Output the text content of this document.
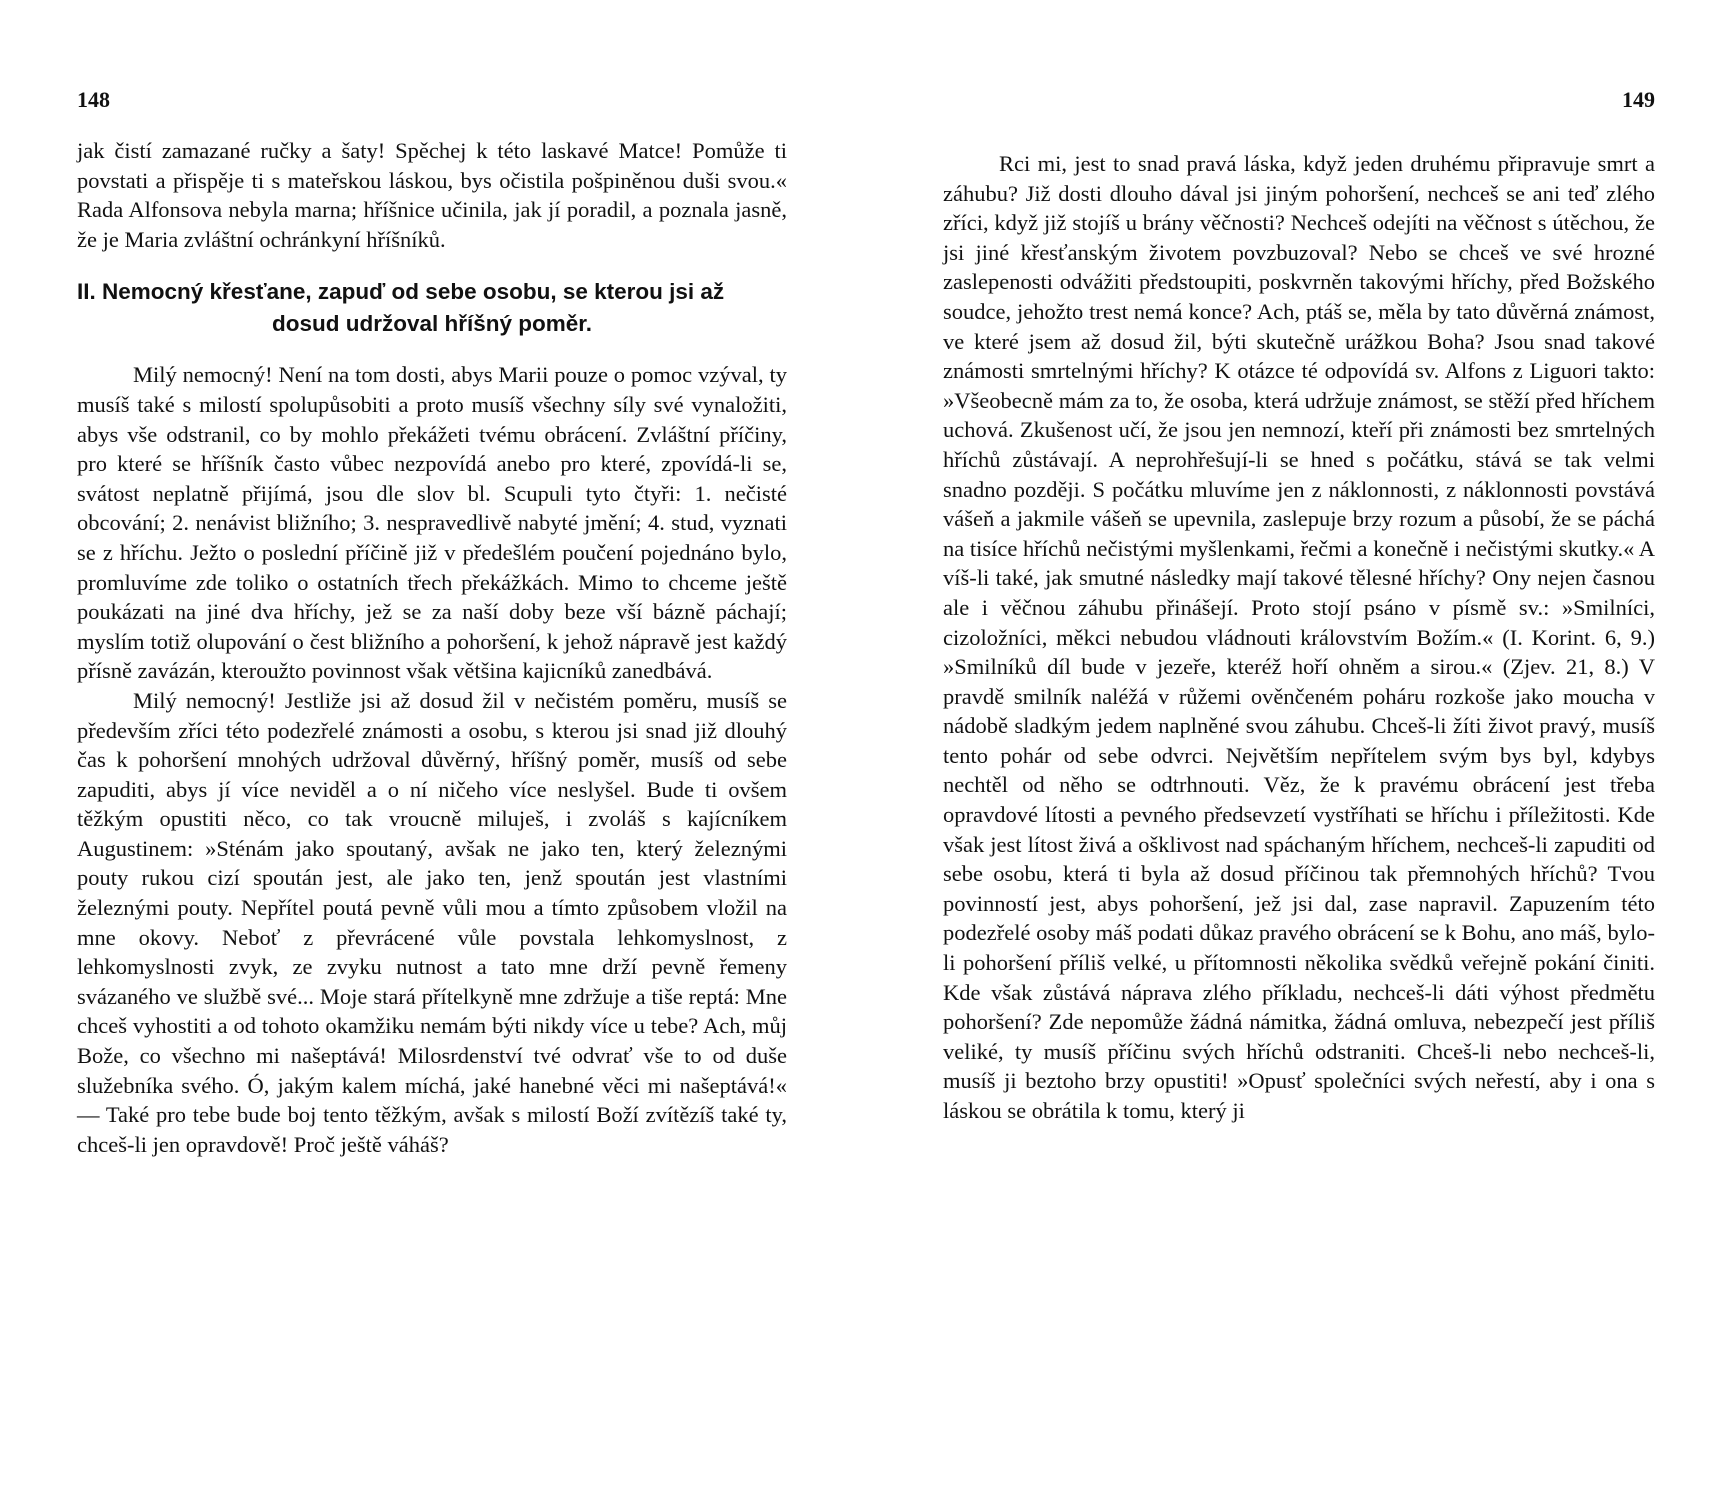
148

jak čistí zamazané ručky a šaty! Spěchej k této laskavé Matce! Pomůže ti povstati a přispěje ti s mateřskou láskou, bys očistila pošpiněnou duši svou.« Rada Alfonsova nebyla marna; hříšnice učinila, jak jí poradil, a poznala jasně, že je Maria zvláštní ochránkyní hříšníků.

II. Nemocný křesťane, zapuď od sebe osobu, se kterou jsi až
dosud udržoval hříšný poměr.

Milý nemocný! Není na tom dosti, abys Marii pouze o pomoc vzýval, ty musíš také s milostí spolupůsobiti a proto musíš všechny síly své vynaložiti, abys vše odstranil, co by mohlo překážeti tvému obrácení. Zvláštní příčiny, pro které se hříšník často vůbec nezpovídá anebo pro které, zpovídá-li se, svátost neplatně přijímá, jsou dle slov bl. Scupuli tyto čtyři: 1. nečisté obcování; 2. nenávist bližního; 3. nespravedlivě nabyté jmění; 4. stud, vyznati se z hříchu. Ježto o poslední příčině již v předešlém poučení pojednáno bylo, promluvíme zde toliko o ostatních třech překážkách. Mimo to chceme ještě poukázati na jiné dva hříchy, jež se za naší doby beze vší bázně páchají; myslím totiž olupování o čest bližního a pohoršení, k jehož nápravě jest každý přísně zavázán, kteroužto povinnost však většina kajicníků zanedbává.

Milý nemocný! Jestliže jsi až dosud žil v nečistém poměru, musíš se především zříci této podezřelé známosti a osobu, s kterou jsi snad již dlouhý čas k pohoršení mnohých udržoval důvěrný, hříšný poměr, musíš od sebe zapuditi, abys jí více neviděl a o ní ničeho více neslyšel. Bude ti ovšem těžkým opustiti něco, co tak vroucně miluješ, i zvoláš s kajícníkem Augustinem: »Sténám jako spoutaný, avšak ne jako ten, který železnými pouty rukou cizí spoután jest, ale jako ten, jenž spoután jest vlastními železnými pouty. Nepřítel poutá pevně vůli mou a tímto způsobem vložil na mne okovy. Neboť z převrácené vůle povstala lehkomyslnost, z lehkomyslnosti zvyk, ze zvyku nutnost a tato mne drží pevně řemeny svázaného ve službě své... Moje stará přítelkyně mne zdržuje a tiše reptá: Mne chceš vyhostiti a od tohoto okamžiku nemám býti nikdy více u tebe? Ach, můj Bože, co všechno mi našeptává! Milosrdenství tvé odvrať vše to od duše služebníka svého. Ó, jakým kalem míchá, jaké hanebné věci mi našeptává!« — Také pro tebe bude boj tento těžkým, avšak s milostí Boží zvítězíš také ty, chceš-li jen opravdově! Proč ještě váháš?

149

Rci mi, jest to snad pravá láska, když jeden druhému připravuje smrt a záhubu? Již dosti dlouho dával jsi jiným pohoršení, nechceš se ani teď zlého zříci, když již stojíš u brány věčnosti? Nechceš odejíti na věčnost s útěchou, že jsi jiné křesťanským životem povzbuzoval? Nebo se chceš ve své hrozné zaslepenosti odvážiti předstoupiti, poskvrněn takovými hříchy, před Božského soudce, jehožto trest nemá konce? Ach, ptáš se, měla by tato důvěrná známost, ve které jsem až dosud žil, býti skutečně urážkou Boha? Jsou snad takové známosti smrtelnými hříchy? K otázce té odpovídá sv. Alfons z Liguori takto: »Všeobecně mám za to, že osoba, která udržuje známost, se stěží před hříchem uchová. Zkušenost učí, že jsou jen nemnozí, kteří při známosti bez smrtelných hříchů zůstávají. A neprohřešují-li se hned s počátku, stává se tak velmi snadno později. S počátku mluvíme jen z náklonnosti, z náklonnosti povstává vášeň a jakmile vášeň se upevnila, zaslepuje brzy rozum a působí, že se páchá na tisíce hříchů nečistými myšlenkami, řečmi a konečně i nečistými skutky.« A víš-li také, jak smutné následky mají takové tělesné hříchy? Ony nejen časnou ale i věčnou záhubu přinášejí. Proto stojí psáno v písmě sv.: »Smilníci, cizoložníci, měkci nebudou vládnouti královstvím Božím.« (I. Korint. 6, 9.) »Smilníků díl bude v jezeře, kteréž hoří ohněm a sirou.« (Zjev. 21, 8.) V pravdě smilník naléžá v růžemi ověnčeném poháru rozkoše jako moucha v nádobě sladkým jedem naplněné svou záhubu. Chceš-li žíti život pravý, musíš tento pohár od sebe odvrci. Největším nepřítelem svým bys byl, kdybys nechtěl od něho se odtrhnouti. Věz, že k pravému obrácení jest třeba opravdové lítosti a pevného předsevzetí vystříhati se hříchu i příležitosti. Kde však jest lítost živá a ošklivost nad spáchaným hříchem, nechceš-li zapuditi od sebe osobu, která ti byla až dosud příčinou tak přemnohých hříchů? Tvou povinností jest, abys pohoršení, jež jsi dal, zase napravil. Zapuzením této podezřelé osoby máš podati důkaz pravého obrácení se k Bohu, ano máš, bylo-li pohoršení příliš velké, u přítomnosti několika svědků veřejně pokání činiti. Kde však zůstává náprava zlého příkladu, nechceš-li dáti výhost předmětu pohoršení? Zde nepomůže žádná námitka, žádná omluva, nebezpečí jest příliš veliké, ty musíš příčinu svých hříchů odstraniti. Chceš-li nebo nechceš-li, musíš ji beztoho brzy opustiti! »Opusť společníci svých neřestí, aby i ona s láskou se obrátila k tomu, který ji
